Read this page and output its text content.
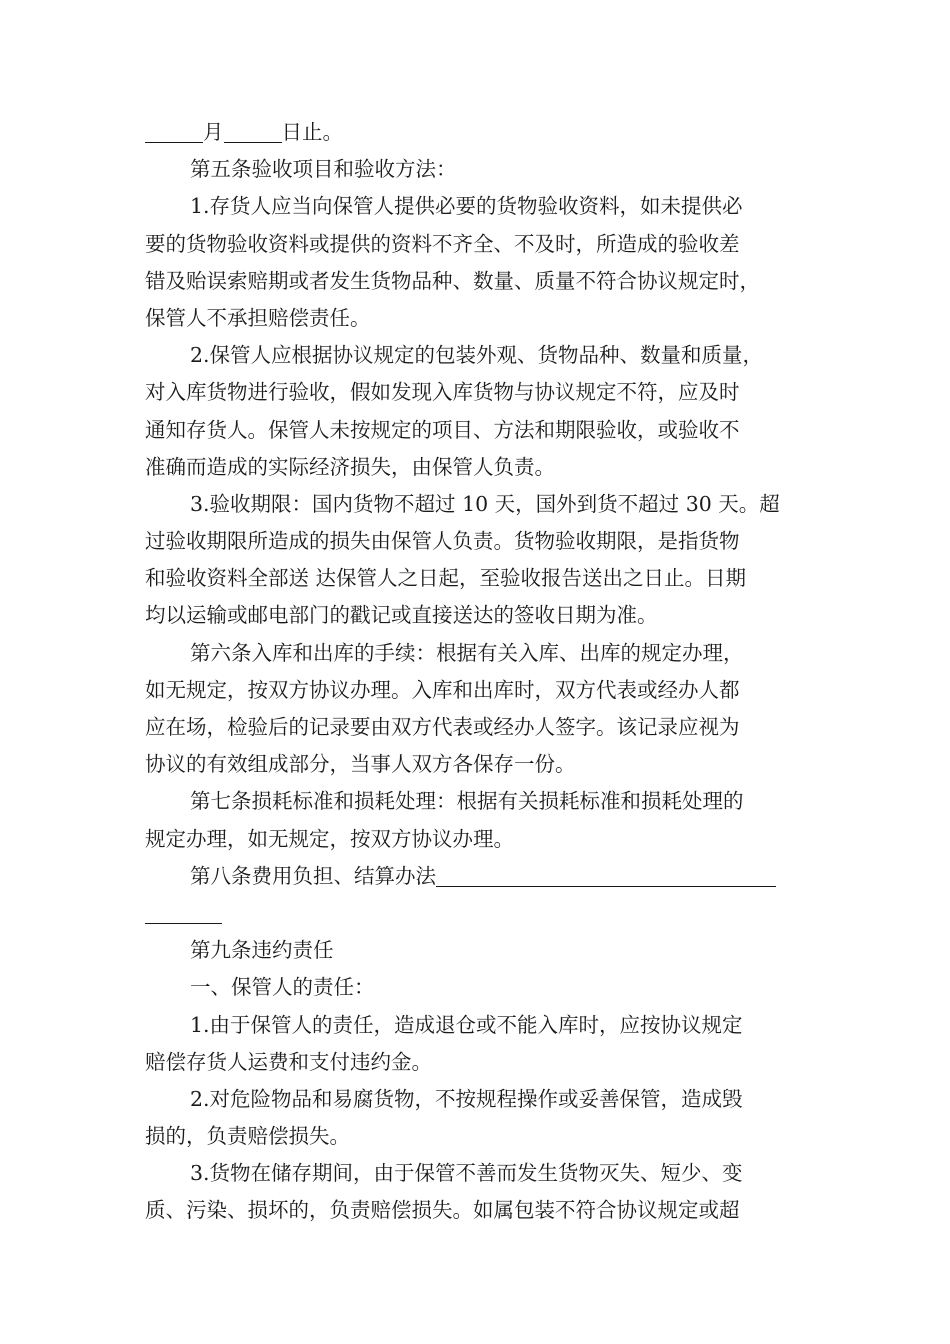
月	日止。
第五条验收项目和验收方法：
1.存货人应当向保管人提供必要的货物验收资料，如未提供必
要的货物验收资料或提供的资料不齐全、不及时，所造成的验收差
错及贻误索赔期或者发生货物品种、数量、质量不符合协议规定时，
保管人不承担赔偿责任。
2.保管人应根据协议规定的包装外观、货物品种、数量和质量，
对入库货物进行验收，假如发现入库货物与协议规定不符，应及时
通知存货人。保管人未按规定的项目、方法和期限验收，或验收不
准确而造成的实际经济损失，由保管人负责。
3.验收期限：国内货物不超过 10 天，国外到货不超过 30 天。超
过验收期限所造成的损失由保管人负责。货物验收期限，是指货物
和验收资料全部送 达保管人之日起，至验收报告送出之日止。日期
均以运输或邮电部门的戳记或直接送达的签收日期为准。
第六条入库和出库的手续：根据有关入库、出库的规定办理，
如无规定，按双方协议办理。入库和出库时，双方代表或经办人都
应在场，检验后的记录要由双方代表或经办人签字。该记录应视为
协议的有效组成部分，当事人双方各保存一份。
第七条损耗标准和损耗处理：根据有关损耗标准和损耗处理的
规定办理，如无规定，按双方协议办理。
第八条费用负担、结算办法
第九条违约责任
一、保管人的责任：
1.由于保管人的责任，造成退仓或不能入库时，应按协议规定
赔偿存货人运费和支付违约金。
2.对危险物品和易腐货物，不按规程操作或妥善保管，造成毁
损的，负责赔偿损失。
3.货物在储存期间，由于保管不善而发生货物灭失、短少、变
质、污染、损坏的，负责赔偿损失。如属包装不符合协议规定或超
